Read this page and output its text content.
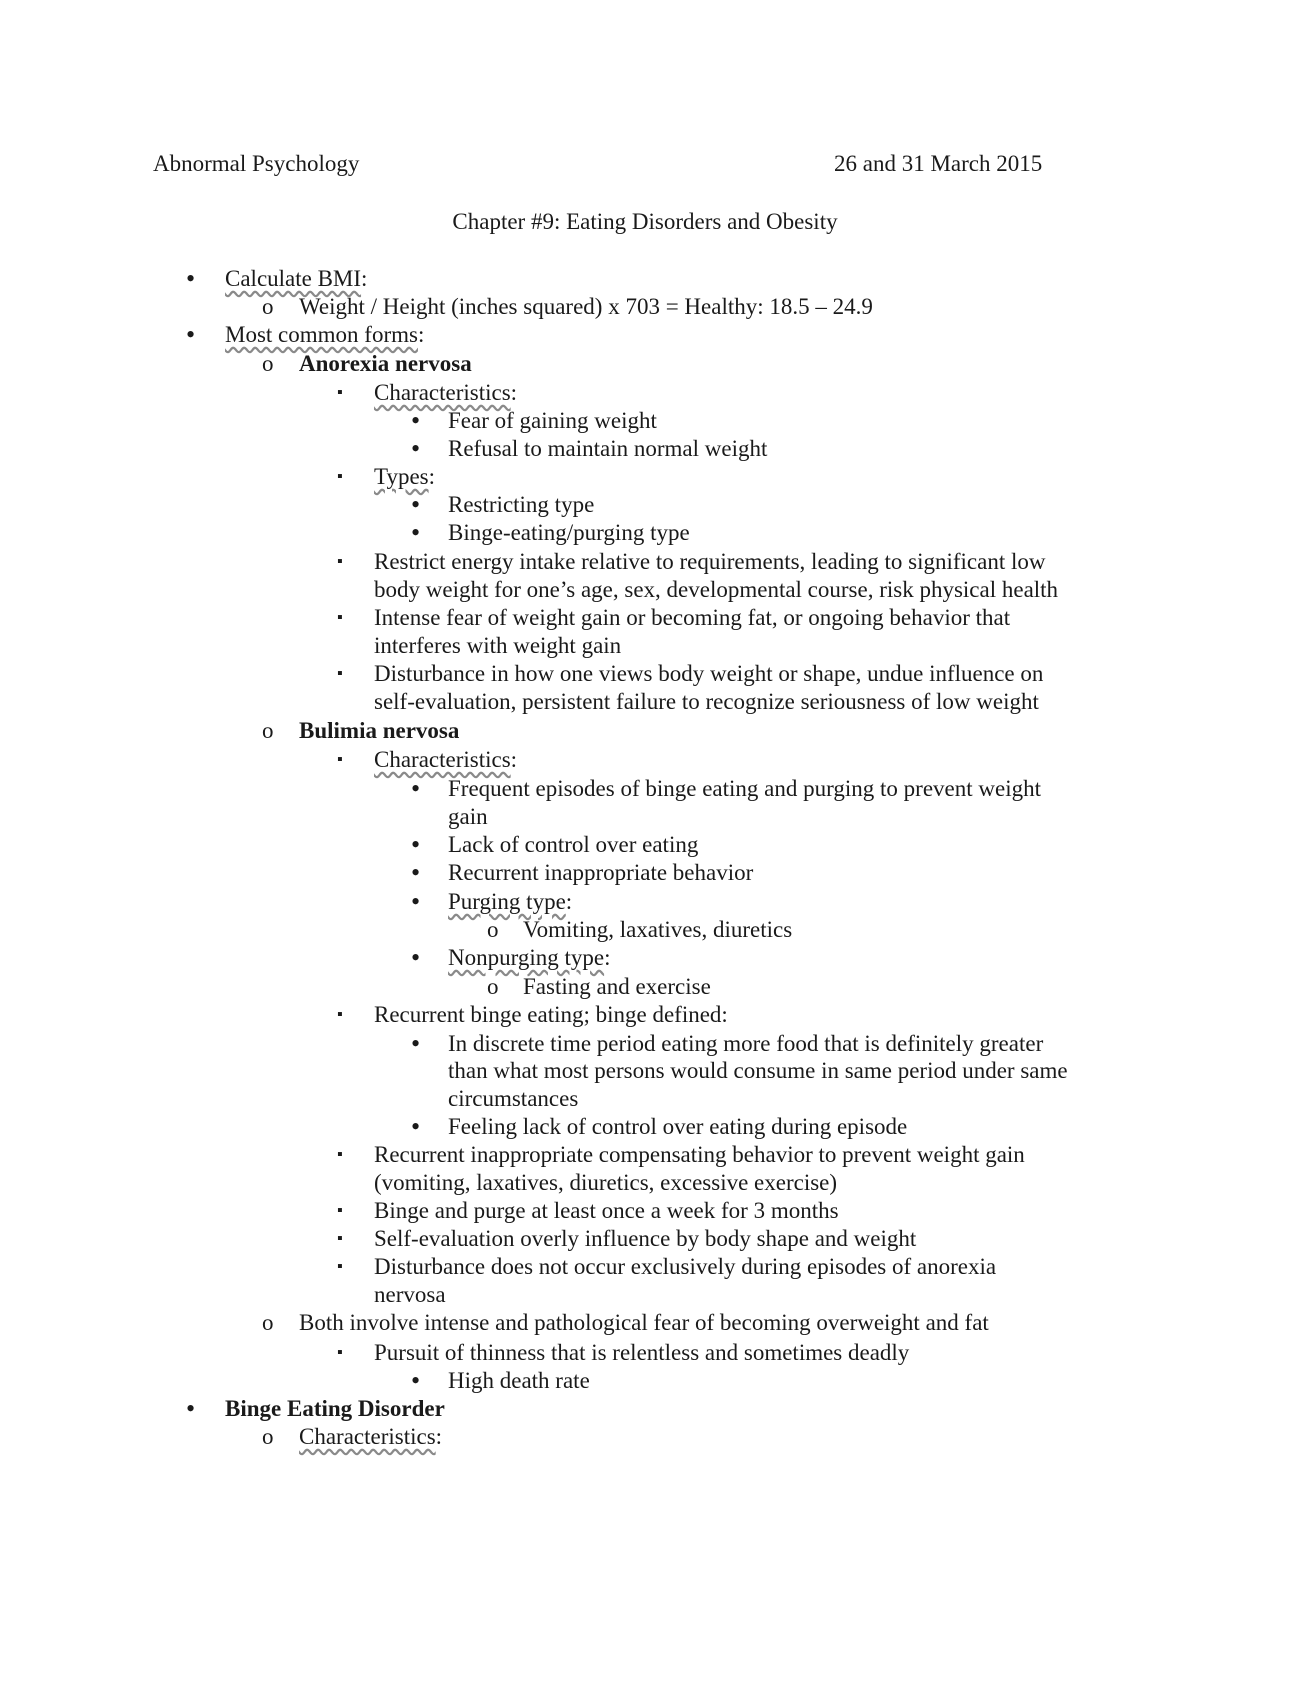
Abnormal Psychology	26 and 31 March 2015
Chapter #9: Eating Disorders and Obesity
• Calculate BMI:
o Weight / Height (inches squared) x 703 = Healthy: 18.5 – 24.9
• Most common forms:
o Anorexia nervosa
▪ Characteristics:
• Fear of gaining weight
• Refusal to maintain normal weight
▪ Types:
• Restricting type
• Binge-eating/purging type
▪ Restrict energy intake relative to requirements, leading to significant low
body weight for one’s age, sex, developmental course, risk physical health
▪ Intense fear of weight gain or becoming fat, or ongoing behavior that
interferes with weight gain
▪ Disturbance in how one views body weight or shape, undue influence on
self-evaluation, persistent failure to recognize seriousness of low weight
o Bulimia nervosa
▪ Characteristics:
• Frequent episodes of binge eating and purging to prevent weight
gain
• Lack of control over eating
• Recurrent inappropriate behavior
• Purging type:
o Vomiting, laxatives, diuretics
• Nonpurging type:
o Fasting and exercise
▪ Recurrent binge eating; binge defined:
• In discrete time period eating more food that is definitely greater
than what most persons would consume in same period under same
circumstances
• Feeling lack of control over eating during episode
▪ Recurrent inappropriate compensating behavior to prevent weight gain
(vomiting, laxatives, diuretics, excessive exercise)
▪ Binge and purge at least once a week for 3 months
▪ Self-evaluation overly influence by body shape and weight
▪ Disturbance does not occur exclusively during episodes of anorexia
nervosa
o Both involve intense and pathological fear of becoming overweight and fat
▪ Pursuit of thinness that is relentless and sometimes deadly
• High death rate
• Binge Eating Disorder
o Characteristics:
